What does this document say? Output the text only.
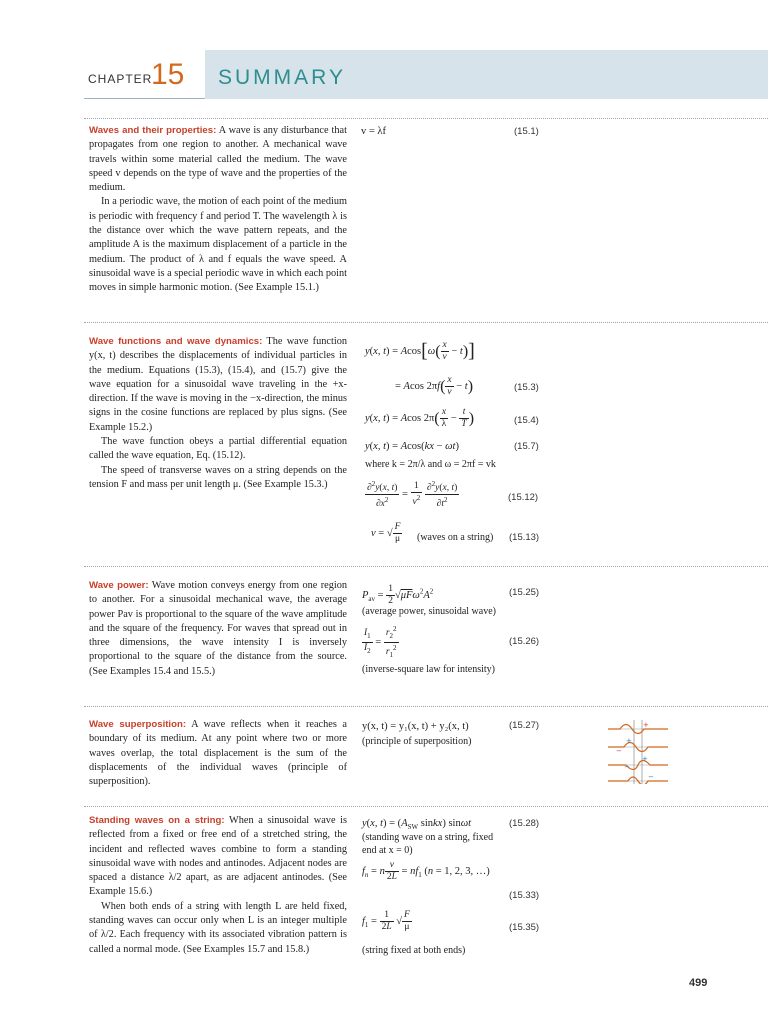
CHAPTER
15 SUMMARY

Waves and their properties: A wave is any disturbance that propagates from one region to another. A mechanical wave travels within some material called the medium. The wave speed v depends on the type of wave and the properties of the medium.

In a periodic wave, the motion of each point of the medium is periodic with frequency f and period T. The wavelength λ is the distance over which the wave pattern repeats, and the amplitude A is the maximum displacement of a particle in the medium. The product of λ and f equals the wave speed. A sinusoidal wave is a special periodic wave in which each point moves in simple harmonic motion. (See Example 15.1.)

v = λf	(15.1)

Wave functions and wave dynamics: The wave function y(x, t) describes the displacements of individual particles in the medium. Equations (15.3), (15.4), and (15.7) give the wave equation for a sinusoidal wave traveling in the +x-direction. If the wave is moving in the −x-direction, the minus signs in the cosine functions are replaced by plus signs. (See Example 15.2.)

The wave function obeys a partial differential equation called the wave equation, Eq. (15.12).

The speed of transverse waves on a string depends on the tension F and mass per unit length μ. (See Example 15.3.)

y(x, $t) = Acos[\omega( \frac{x}{v} - t)]$
= Acos $2\pi f( \frac{x}{v} - t)$	(15.3)
y(x, t) = Acos $2\pi( \frac{x}{\lambda} - \frac{t}{T}$ )	(15.4)
y(x, t) = Acos(kx − ωt)	(15.7)
where k = 2π/λ and ω = 2πf = vk
$\frac{\partial^2y(x, t)}{\partial x^2} = \frac{1}{v^2}$
$\frac{\partial^2y(x, t)}{\partial t^2}$	(15.12)
v = √ $\frac{F}{\mu}$ (waves on a string) (15.13)

Wave power: Wave motion conveys energy from one region to another. For a sinusoidal mechanical wave, the average power Pav is proportional to the square of the wave amplitude and the square of the frequency. For waves that spread out in three dimensions, the wave intensity I is inversely proportional to the square of the distance from the source. (See Examples 15.4 and 15.5.)

$P_{av} = \frac{1}{2} √\mu F\omega^2A^2$	(15.25)
(average power, sinusoidal wave)
$\frac{I_1}{I_2} = \frac{r_2^2}{r_1^2}$	(15.26)
(inverse-square law for intensity)

Wave superposition: A wave reflects when it reaches a boundary of its medium. At any point where two or more waves overlap, the total displacement is the sum of the displacements of the individual waves (principle of superposition).

y(x, t) = y₁(x, t) + y₂(x, t)	(15.27)
(principle of superposition)	+
+
−
−
+
−

Standing waves on a string: When a sinusoidal wave is reflected from a fixed or free end of a stretched string, the incident and reflected waves combine to form a standing sinusoidal wave with nodes and antinodes. Adjacent nodes are spaced a distance λ/2 apart, as are adjacent antinodes. (See Example 15.6.)

When both ends of a string with length L are held fixed, standing waves can occur only when L is an integer multiple of λ/2. Each frequency with its associated vibration pattern is called a normal mode. (See Examples 15.7 and 15.8.)

y(x, $t) = (A_{SW}$ sinkx) sinωt	(15.28)
(standing wave on a string, fixed end at x = 0)
$f_n = n \frac{v}{2L} = nf_1$ (n = 1, 2, 3, …)
(15.33)
$f_1 = \frac{1}{2L}$ √ $\frac{F}{\mu}$	(15.35)
(string fixed at both ends)
499
